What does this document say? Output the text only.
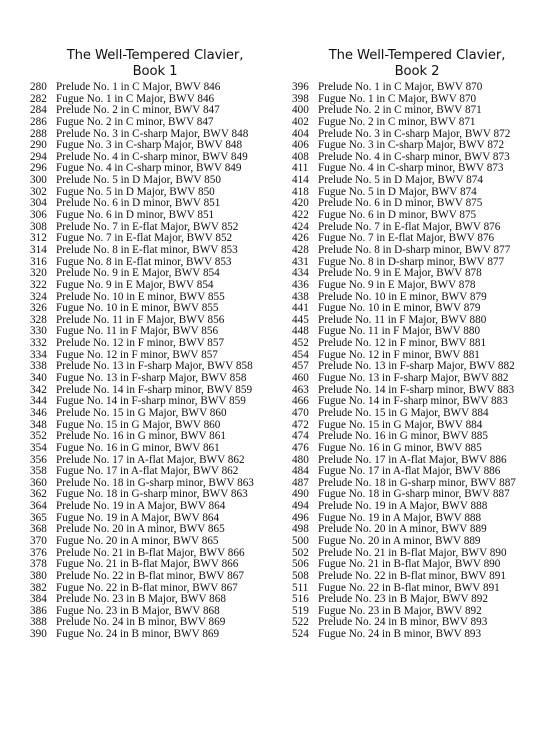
The Well-Tempered Clavier,
Book 1
280 Prelude No. 1 in C Major, BWV 846
282 Fugue No. 1 in C Major, BWV 846
284 Prelude No. 2 in C minor, BWV 847
286 Fugue No. 2 in C minor, BWV 847
288 Prelude No. 3 in C-sharp Major, BWV 848
290 Fugue No. 3 in C-sharp Major, BWV 848
294 Prelude No. 4 in C-sharp minor, BWV 849
296 Fugue No. 4 in C-sharp minor, BWV 849
300 Prelude No. 5 in D Major, BWV 850
302 Fugue No. 5 in D Major, BWV 850
304 Prelude No. 6 in D minor, BWV 851
306 Fugue No. 6 in D minor, BWV 851
308 Prelude No. 7 in E-flat Major, BWV 852
312 Fugue No. 7 in E-flat Major, BWV 852
314 Prelude No. 8 in E-flat minor, BWV 853
316 Fugue No. 8 in E-flat minor, BWV 853
320 Prelude No. 9 in E Major, BWV 854
322 Fugue No. 9 in E Major, BWV 854
324 Prelude No. 10 in E minor, BWV 855
326 Fugue No. 10 in E minor, BWV 855
328 Prelude No. 11 in F Major, BWV 856
330 Fugue No. 11 in F Major, BWV 856
332 Prelude No. 12 in F minor, BWV 857
334 Fugue No. 12 in F minor, BWV 857
338 Prelude No. 13 in F-sharp Major, BWV 858
340 Fugue No. 13 in F-sharp Major, BWV 858
342 Prelude No. 14 in F-sharp minor, BWV 859
344 Fugue No. 14 in F-sharp minor, BWV 859
346 Prelude No. 15 in G Major, BWV 860
348 Fugue No. 15 in G Major, BWV 860
352 Prelude No. 16 in G minor, BWV 861
354 Fugue No. 16 in G minor, BWV 861
356 Prelude No. 17 in A-flat Major, BWV 862
358 Fugue No. 17 in A-flat Major, BWV 862
360 Prelude No. 18 in G-sharp minor, BWV 863
362 Fugue No. 18 in G-sharp minor, BWV 863
364 Prelude No. 19 in A Major, BWV 864
365 Fugue No. 19 in A Major, BWV 864
368 Prelude No. 20 in A minor, BWV 865
370 Fugue No. 20 in A minor, BWV 865
376 Prelude No. 21 in B-flat Major, BWV 866
378 Fugue No. 21 in B-flat Major, BWV 866
380 Prelude No. 22 in B-flat minor, BWV 867
382 Fugue No. 22 in B-flat minor, BWV 867
384 Prelude No. 23 in B Major, BWV 868
386 Fugue No. 23 in B Major, BWV 868
388 Prelude No. 24 in B minor, BWV 869
390 Fugue No. 24 in B minor, BWV 869
The Well-Tempered Clavier,
Book 2
396 Prelude No. 1 in C Major, BWV 870
398 Fugue No. 1 in C Major, BWV 870
400 Prelude No. 2 in C minor, BWV 871
402 Fugue No. 2 in C minor, BWV 871
404 Prelude No. 3 in C-sharp Major, BWV 872
406 Fugue No. 3 in C-sharp Major, BWV 872
408 Prelude No. 4 in C-sharp minor, BWV 873
411 Fugue No. 4 in C-sharp minor, BWV 873
414 Prelude No. 5 in D Major, BWV 874
418 Fugue No. 5 in D Major, BWV 874
420 Prelude No. 6 in D minor, BWV 875
422 Fugue No. 6 in D minor, BWV 875
424 Prelude No. 7 in E-flat Major, BWV 876
426 Fugue No. 7 in E-flat Major, BWV 876
428 Prelude No. 8 in D-sharp minor, BWV 877
431 Fugue No. 8 in D-sharp minor, BWV 877
434 Prelude No. 9 in E Major, BWV 878
436 Fugue No. 9 in E Major, BWV 878
438 Prelude No. 10 in E minor, BWV 879
441 Fugue No. 10 in E minor, BWV 879
445 Prelude No. 11 in F Major, BWV 880
448 Fugue No. 11 in F Major, BWV 880
452 Prelude No. 12 in F minor, BWV 881
454 Fugue No. 12 in F minor, BWV 881
457 Prelude No. 13 in F-sharp Major, BWV 882
460 Fugue No. 13 in F-sharp Major, BWV 882
463 Prelude No. 14 in F-sharp minor, BWV 883
466 Fugue No. 14 in F-sharp minor, BWV 883
470 Prelude No. 15 in G Major, BWV 884
472 Fugue No. 15 in G Major, BWV 884
474 Prelude No. 16 in G minor, BWV 885
476 Fugue No. 16 in G minor, BWV 885
480 Prelude No. 17 in A-flat Major, BWV 886
484 Fugue No. 17 in A-flat Major, BWV 886
487 Prelude No. 18 in G-sharp minor, BWV 887
490 Fugue No. 18 in G-sharp minor, BWV 887
494 Prelude No. 19 in A Major, BWV 888
496 Fugue No. 19 in A Major, BWV 888
498 Prelude No. 20 in A minor, BWV 889
500 Fugue No. 20 in A minor, BWV 889
502 Prelude No. 21 in B-flat Major, BWV 890
506 Fugue No. 21 in B-flat Major, BWV 890
508 Prelude No. 22 in B-flat minor, BWV 891
511 Fugue No. 22 in B-flat minor, BWV 891
516 Prelude No. 23 in B Major, BWV 892
519 Fugue No. 23 in B Major, BWV 892
522 Prelude No. 24 in B minor, BWV 893
524 Fugue No. 24 in B minor, BWV 893
